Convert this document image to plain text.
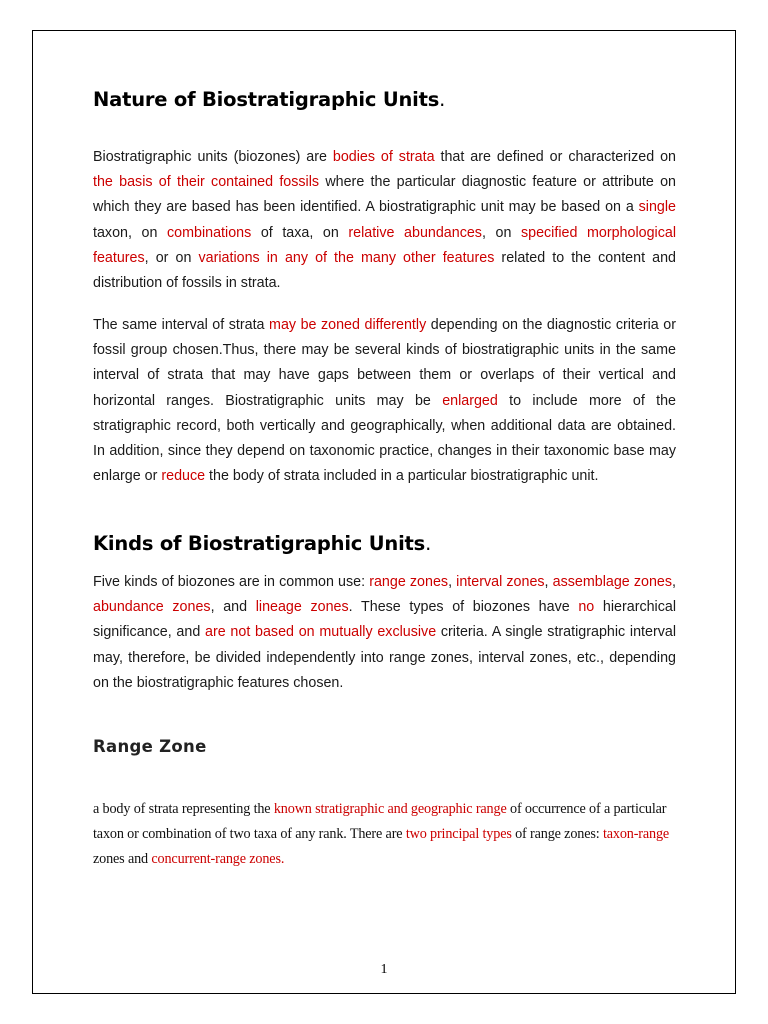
Nature of Biostratigraphic Units.

Biostratigraphic units (biozones) are bodies of strata that are defined or characterized on the basis of their contained fossils where the particular diagnostic feature or attribute on which they are based has been identified. A biostratigraphic unit may be based on a single taxon, on combinations of taxa, on relative abundances, on specified morphological features, or on variations in any of the many other features related to the content and distribution of fossils in strata.

The same interval of strata may be zoned differently depending on the diagnostic criteria or fossil group chosen.Thus, there may be several kinds of biostratigraphic units in the same interval of strata that may have gaps between them or overlaps of their vertical and horizontal ranges. Biostratigraphic units may be enlarged to include more of the stratigraphic record, both vertically and geographically, when additional data are obtained. In addition, since they depend on taxonomic practice, changes in their taxonomic base may enlarge or reduce the body of strata included in a particular biostratigraphic unit.

Kinds of Biostratigraphic Units.

Five kinds of biozones are in common use: range zones, interval zones, assemblage zones, abundance zones, and lineage zones. These types of biozones have no hierarchical significance, and are not based on mutually exclusive criteria. A single stratigraphic interval may, therefore, be divided independently into range zones, interval zones, etc., depending on the biostratigraphic features chosen.

Range Zone

a body of strata representing the known stratigraphic and geographic range of occurrence of a particular taxon or combination of two taxa of any rank. There are two principal types of range zones: taxon-range zones and concurrent-range zones.

1
